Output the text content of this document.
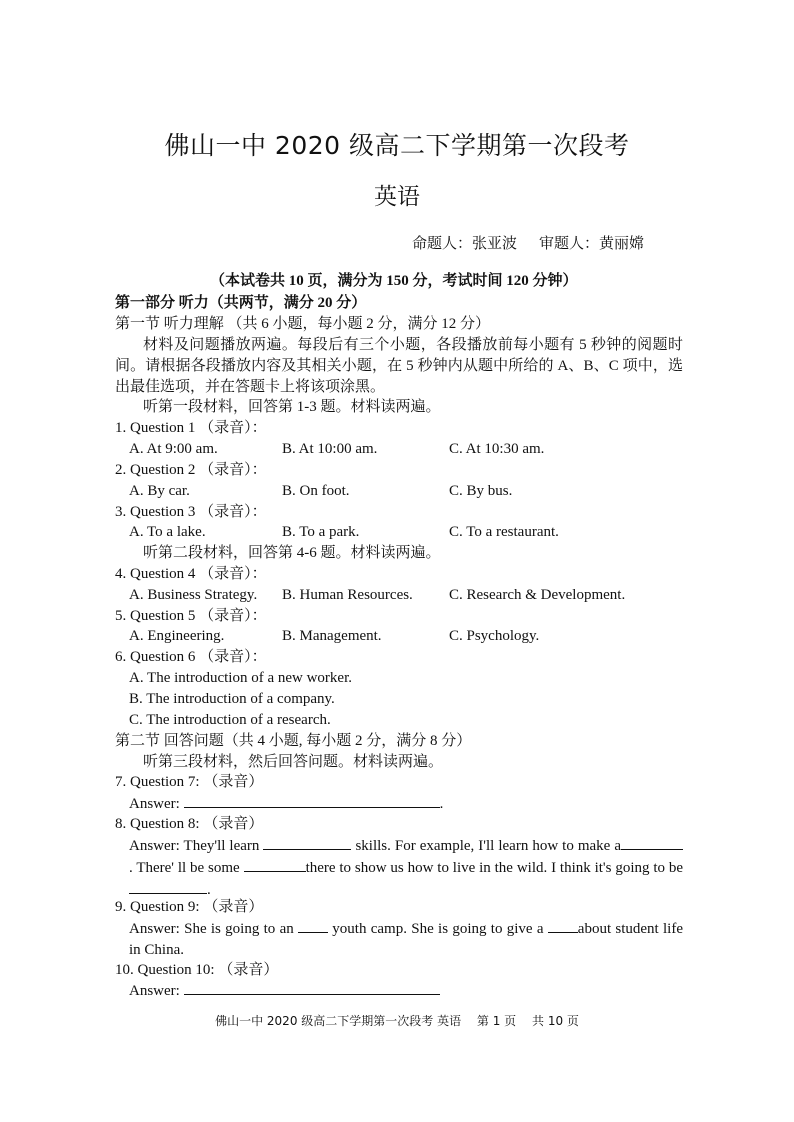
佛山一中 2020 级高二下学期第一次段考
英语
命题人：张亚波 审题人：黄丽嫦
（本试卷共 10 页，满分为 150 分，考试时间 120 分钟）
第一部分 听力（共两节，满分 20 分）
第一节 听力理解 （共 6 小题，每小题 2 分，满分 12 分）
材料及问题播放两遍。每段后有三个小题，各段播放前每小题有 5 秒钟的阅题时间。请根据各段播放内容及其相关小题，在 5 秒钟内从题中所给的 A、B、C 项中，选出最佳选项，并在答题卡上将该项涂黑。
听第一段材料，回答第 1-3 题。材料读两遍。
1. Question 1 （录音）：
A. At 9:00 am.	B. At 10:00 am.	C. At 10:30 am.
2. Question 2 （录音）：
A. By car.	B. On foot.	C. By bus.
3. Question 3 （录音）：
A. To a lake.	B. To a park.	C. To a restaurant.
听第二段材料，回答第 4-6 题。材料读两遍。
4. Question 4 （录音）：
A. Business Strategy. B. Human Resources. C. Research & Development.
5. Question 5 （录音）：
A. Engineering.	B. Management.	C. Psychology.
6. Question 6 （录音）：
A. The introduction of a new worker.
B. The introduction of a company.
C. The introduction of a research.
第二节 回答问题（共 4 小题, 每小题 2 分，满分 8 分）
听第三段材料，然后回答问题。材料读两遍。
7. Question 7: （录音）
Answer:	.
8. Question 8: （录音）
Answer: They'll learn	skills. For example, I'll learn how to make a. There' ll be some	there to show us how to live in the wild. I think it's going to be .
9. Question 9: （录音）
Answer: She is going to an	youth camp. She is going to give a about student life in China.
10. Question 10: （录音）
Answer:
佛山一中 2020 级高二下学期第一次段考 英语 第 1 页 共 10 页
